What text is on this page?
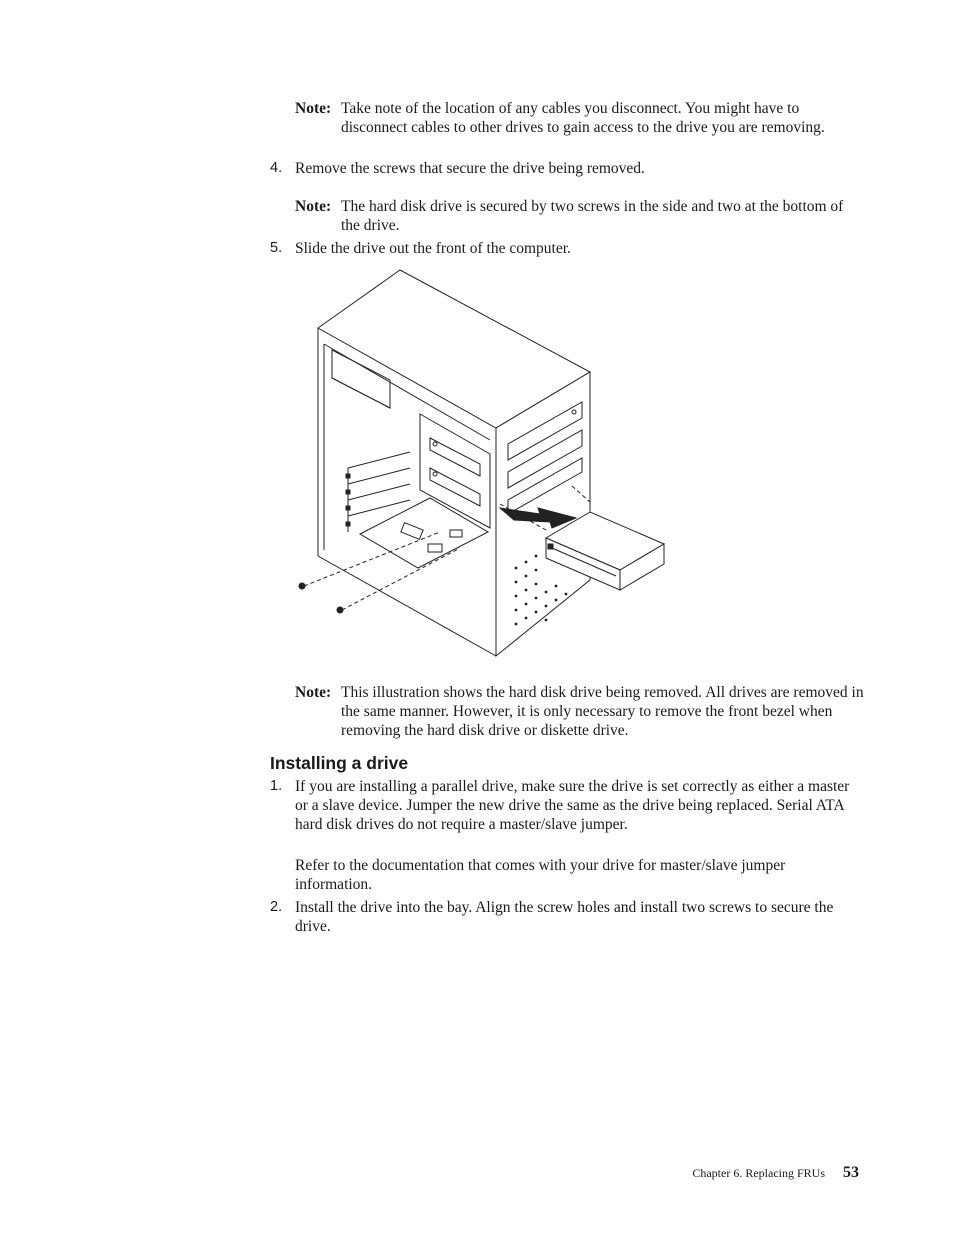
Note: Take note of the location of any cables you disconnect. You might have to disconnect cables to other drives to gain access to the drive you are removing.
4. Remove the screws that secure the drive being removed.
Note: The hard disk drive is secured by two screws in the side and two at the bottom of the drive.
5. Slide the drive out the front of the computer.
Note: This illustration shows the hard disk drive being removed. All drives are removed in the same manner. However, it is only necessary to remove the front bezel when removing the hard disk drive or diskette drive.
Installing a drive
1. If you are installing a parallel drive, make sure the drive is set correctly as either a master or a slave device. Jumper the new drive the same as the drive being replaced. Serial ATA hard disk drives do not require a master/slave jumper.
Refer to the documentation that comes with your drive for master/slave jumper information.
2. Install the drive into the bay. Align the screw holes and install two screws to secure the drive.
Chapter 6. Replacing FRUs 53
